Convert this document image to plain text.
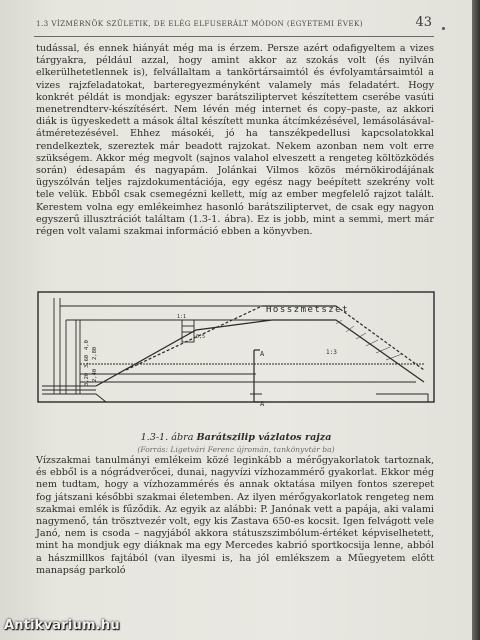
1.3 VÍZMÉRNÖK SZÜLETIK, DE ELÉG ELFUSERÁLT MÓDON (EGYETEMI ÉVEK)	43

tudással, és ennek hiányát még ma is érzem. Persze azért odafigyeltem a vizes tárgyakra, például azzal, hogy amint akkor az szokás volt (és nyilván elkerülhetetlennek is), felvállaltam a tankörtársaimtól és évfolyamtársaimtól a vizes rajzfeladatokat, barteregyezményként valamely más feladatért. Hogy konkrét példát is mondjak: egyszer barátsziliptervet készítettem cserébe vasúti menetrendterv-készítésért. Nem lévén még internet és copy–paste, az akkori diák is ügyeskedett a mások által készített munka átcímkézésével, lemásolásával-átméretezésével. Ehhez másokéi, jó ha tanszékpedellusi kapcsolatokkal rendelkeztek, szereztek már beadott rajzokat. Nekem azonban nem volt erre szükségem. Akkor még megvolt (sajnos valahol elveszett a rengeteg költözködés során) édesapám és nagyapám. Jolánkai Vilmos közös mérnökirodájának ügyszólván teljes rajzdokumentációja, egy egész nagy beépített szekrény volt tele velük. Ebből csak csemegézni kellett, míg az ember megfelelő rajzot talált. Kerestem volna egy emlékeimhez hasonló barátsziliptervet, de csak egy nagyon egyszerű illusztrációt találtam (1.3-1. ábra). Ez is jobb, mint a semmi, mert már régen volt valami szakmai információ ebben a könyvben.

Hosszmetszet
4,0
3,60
3,20
2,80
2,40
1:1
0,5
1:3
A
A
1.3-1. ábra Barátsziliр vázlatos rajza
(Forrás: Ligetvári Ferenc újromán, tankönyvtár ba)

Vízszakmai tanulmányi emlékeim közé leginkább a mérőgyakorlatok tartoznak, és ebből is a nógrádverőcei, dunai, nagyvízi vízhozammérő gyakorlat. Ekkor még nem tudtam, hogy a vízhozammérés és annak oktatása milyen fontos szerepet fog játszani későbbi szakmai életemben. Az ilyen mérőgyakorlatok rengeteg nem szakmai emlék is fűződik. Az egyik az alábbi: P. Janónak vett a papája, aki valami nagymenő, tán trösztvezér volt, egy kis Zastava 650-es kocsit. Igen felvágott vele Janó, nem is csoda – nagyjából akkora státuszszimbólum-értéket képviselhetett, mint ha mondjuk egy diáknak ma egy Mercedes kabrió sportkocsija lenne, abból a hászmillkos fajtából (van ilyesmi is, ha jól emlékszem a Műegyetem előtt manapság parkoló

Antikvarium.hu
